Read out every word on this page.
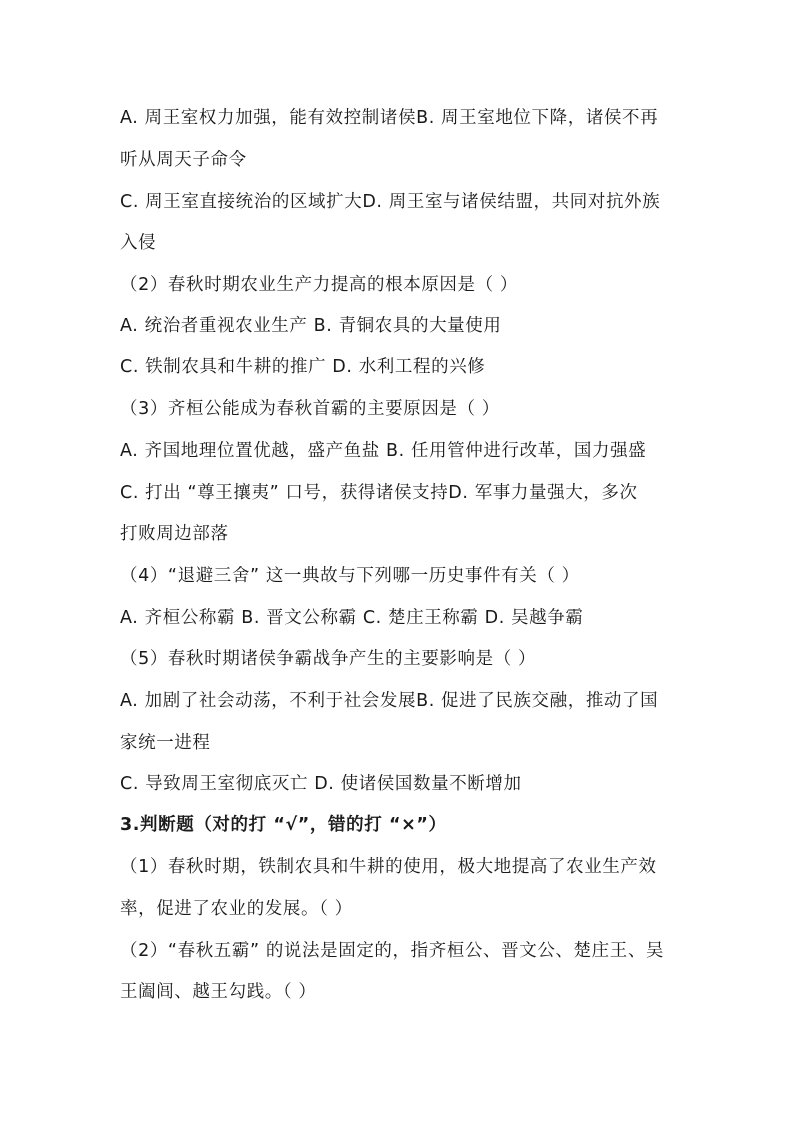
A. 周王室权力加强，能有效控制诸侯B. 周王室地位下降，诸侯不再
听从周天子命令
C. 周王室直接统治的区域扩大D. 周王室与诸侯结盟，共同对抗外族
入侵
（2）春秋时期农业生产力提高的根本原因是（ ）
A. 统治者重视农业生产 B. 青铜农具的大量使用
C. 铁制农具和牛耕的推广 D. 水利工程的兴修
（3）齐桓公能成为春秋首霸的主要原因是（ ）
A. 齐国地理位置优越，盛产鱼盐 B. 任用管仲进行改革，国力强盛
C. 打出 “尊王攘夷” 口号，获得诸侯支持D. 军事力量强大，多次
打败周边部落
（4）“退避三舍” 这一典故与下列哪一历史事件有关（ ）
A. 齐桓公称霸 B. 晋文公称霸 C. 楚庄王称霸 D. 吴越争霸
（5）春秋时期诸侯争霸战争产生的主要影响是（ ）
A. 加剧了社会动荡，不利于社会发展B. 促进了民族交融，推动了国
家统一进程
C. 导致周王室彻底灭亡 D. 使诸侯国数量不断增加
3.判断题（对的打 “√”，错的打 “×”）
（1）春秋时期，铁制农具和牛耕的使用，极大地提高了农业生产效
率，促进了农业的发展。（ ）
（2）“春秋五霸” 的说法是固定的，指齐桓公、晋文公、楚庄王、吴
王阖闾、越王勾践。（ ）
